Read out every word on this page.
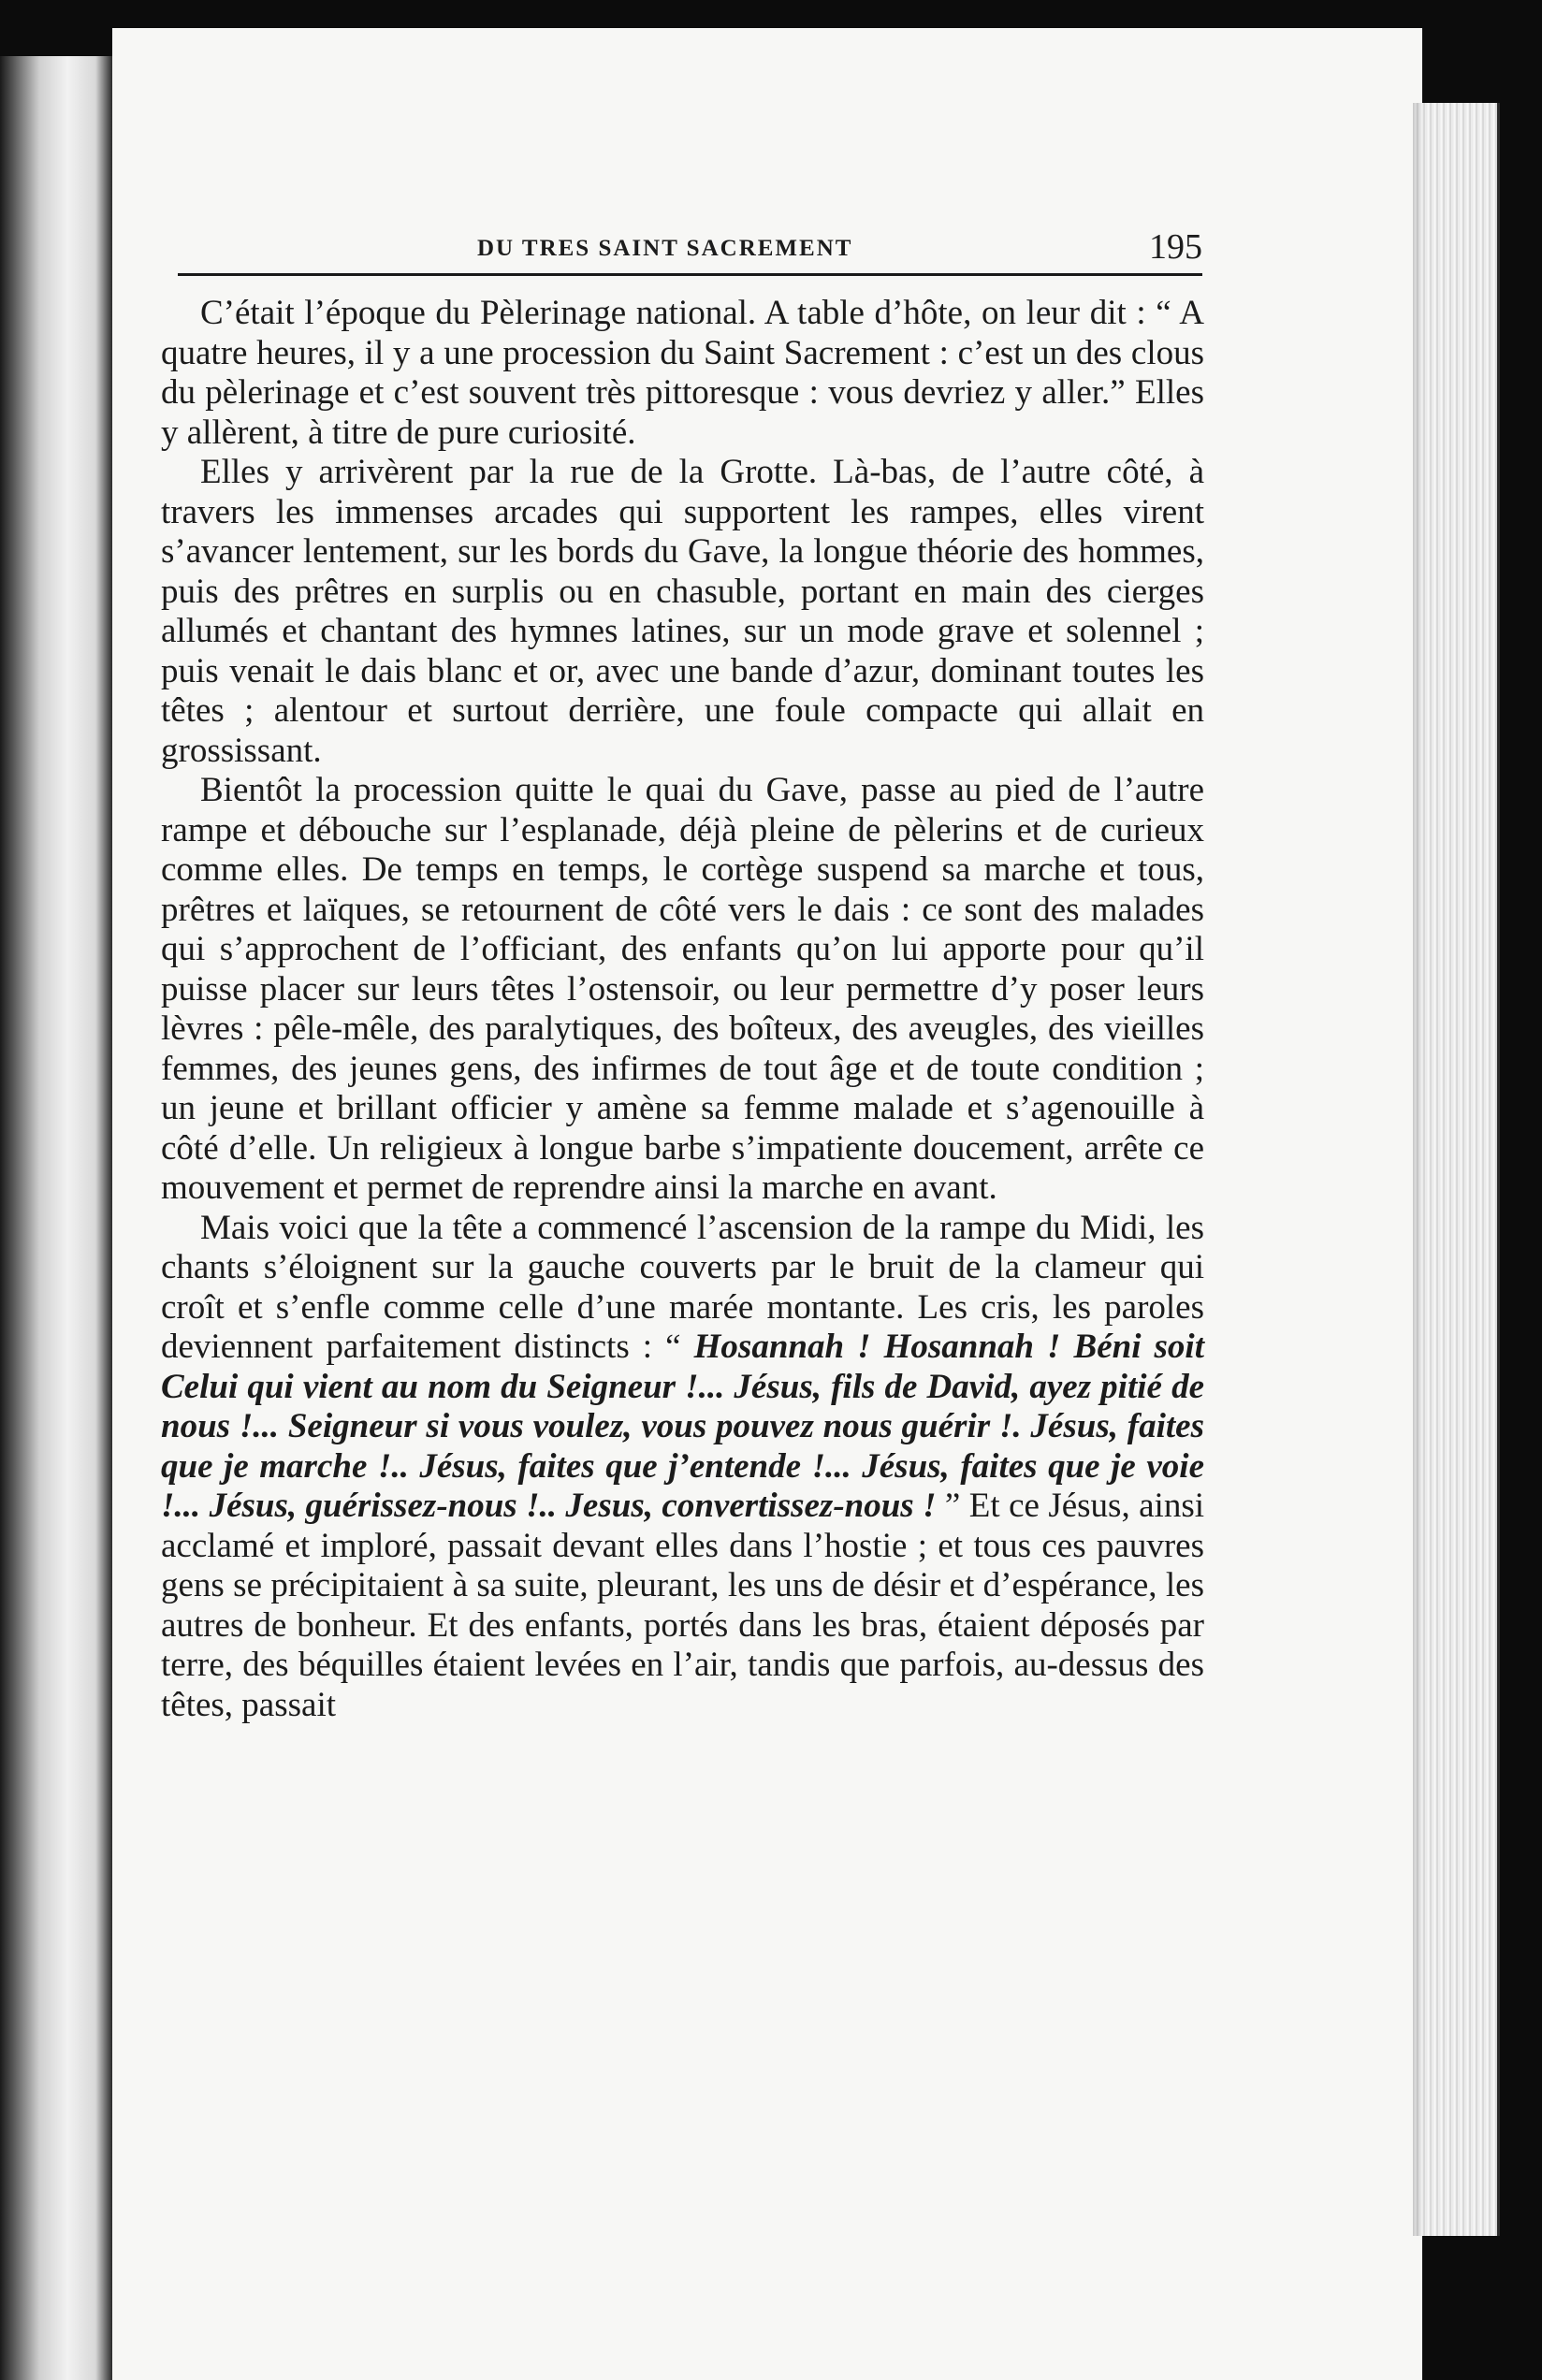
DU TRES SAINT SACREMENT	195

C’était l’époque du Pèlerinage national. A table d’hôte, on leur dit : “ A quatre heures, il y a une procession du Saint Sacrement : c’est un des clous du pèlerinage et c’est souvent très pittoresque : vous devriez y aller.” Elles y allèrent, à titre de pure curiosité.

Elles y arrivèrent par la rue de la Grotte. Là-bas, de l’autre côté, à travers les immenses arcades qui supportent les rampes, elles virent s’avancer lentement, sur les bords du Gave, la longue théorie des hommes, puis des prêtres en surplis ou en chasuble, portant en main des cierges allumés et chantant des hymnes latines, sur un mode grave et solennel ; puis venait le dais blanc et or, avec une bande d’azur, dominant toutes les têtes ; alentour et surtout derrière, une foule compacte qui allait en grossissant.

Bientôt la procession quitte le quai du Gave, passe au pied de l’autre rampe et débouche sur l’esplanade, déjà pleine de pèlerins et de curieux comme elles. De temps en temps, le cortège suspend sa marche et tous, prêtres et laïques, se retournent de côté vers le dais : ce sont des malades qui s’approchent de l’officiant, des enfants qu’on lui apporte pour qu’il puisse placer sur leurs têtes l’ostensoir, ou leur permettre d’y poser leurs lèvres : pêle-mêle, des paralytiques, des boîteux, des aveugles, des vieilles femmes, des jeunes gens, des infirmes de tout âge et de toute condition ; un jeune et brillant officier y amène sa femme malade et s’agenouille à côté d’elle. Un religieux à longue barbe s’impatiente doucement, arrête ce mouvement et permet de reprendre ainsi la marche en avant.

Mais voici que la tête a commencé l’ascension de la rampe du Midi, les chants s’éloignent sur la gauche couverts par le bruit de la clameur qui croît et s’enfle comme celle d’une marée montante. Les cris, les paroles deviennent parfaitement distincts : “ Hosannah ! Hosannah ! Béni soit Celui qui vient au nom du Seigneur !... Jésus, fils de David, ayez pitié de nous !... Seigneur si vous voulez, vous pouvez nous guérir !. Jésus, faites que je marche !.. Jésus, faites que j’entende !... Jésus, faites que je voie !... Jésus, guérissez-nous !.. Jesus, convertissez-nous ! ” Et ce Jésus, ainsi acclamé et imploré, passait devant elles dans l’hostie ; et tous ces pauvres gens se précipitaient à sa suite, pleurant, les uns de désir et d’espérance, les autres de bonheur. Et des enfants, portés dans les bras, étaient déposés par terre, des béquilles étaient levées en l’air, tandis que parfois, au-dessus des têtes, passait
